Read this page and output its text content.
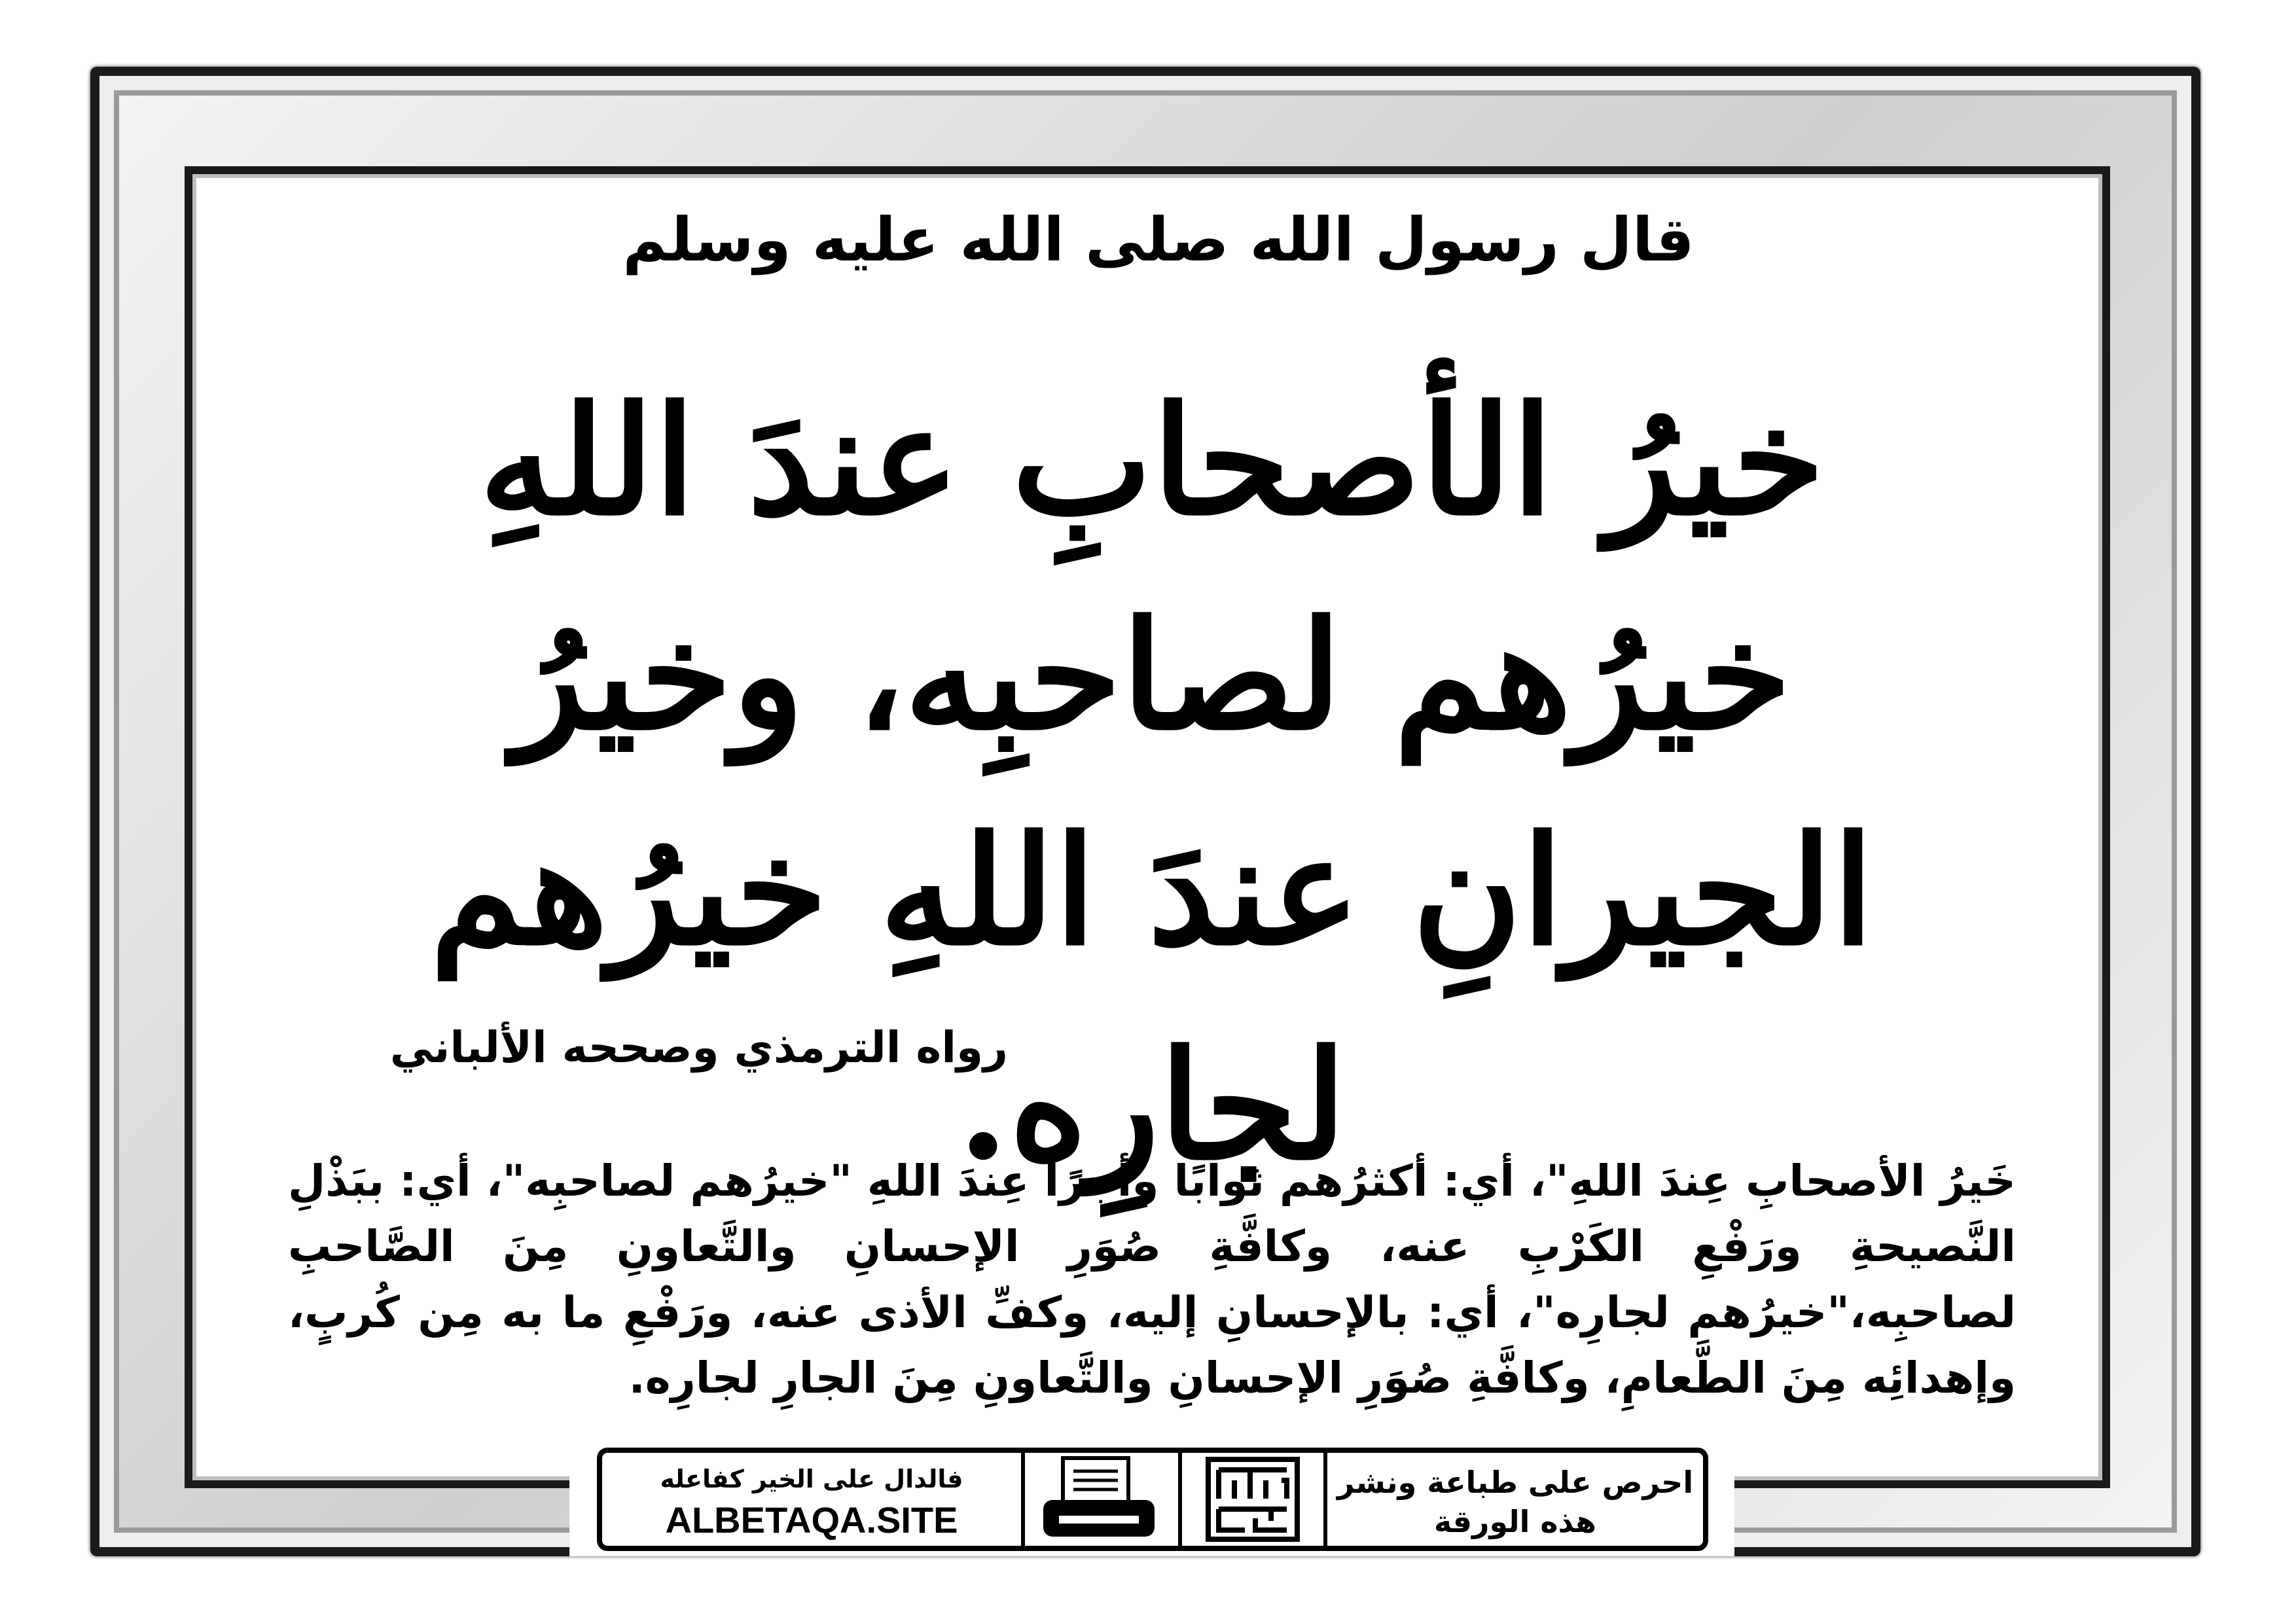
قال رسول الله صلى الله عليه وسلم
خيرُ الأصحابِ عندَ اللهِ خيرُهم لصاحبِه، وخيرُ الجيرانِ عندَ اللهِ خيرُهم لجارِه.
رواه الترمذي وصححه الألباني
خَيرُ الأصحابِ عِندَ اللهِ"، أي: أكثرُهم ثوابًا وأجرًا عِندَ اللهِ "خيرُهم لصاحبِه"، أي: ببَذْلِ النَّصيحةِ ورَفْعِ الكَرْبِ عنه، وكافَّةِ صُوَرِ الإحسانِ والتَّعاونِ مِنَ الصَّاحبِ لصاحبِه،"خيرُهم لجارِه"، أي: بالإحسانِ إليه، وكفِّ الأذى عنه، ورَفْعِ ما به مِن كُربٍ، وإهدائِه مِنَ الطَّعامِ، وكافَّةِ صُوَرِ الإحسانِ والتَّعاونِ مِنَ الجارِ لجارِه.
فالدال على الخير كفاعله
ALBETAQA.SITE
احرص على طباعة ونشر هذه الورقة
